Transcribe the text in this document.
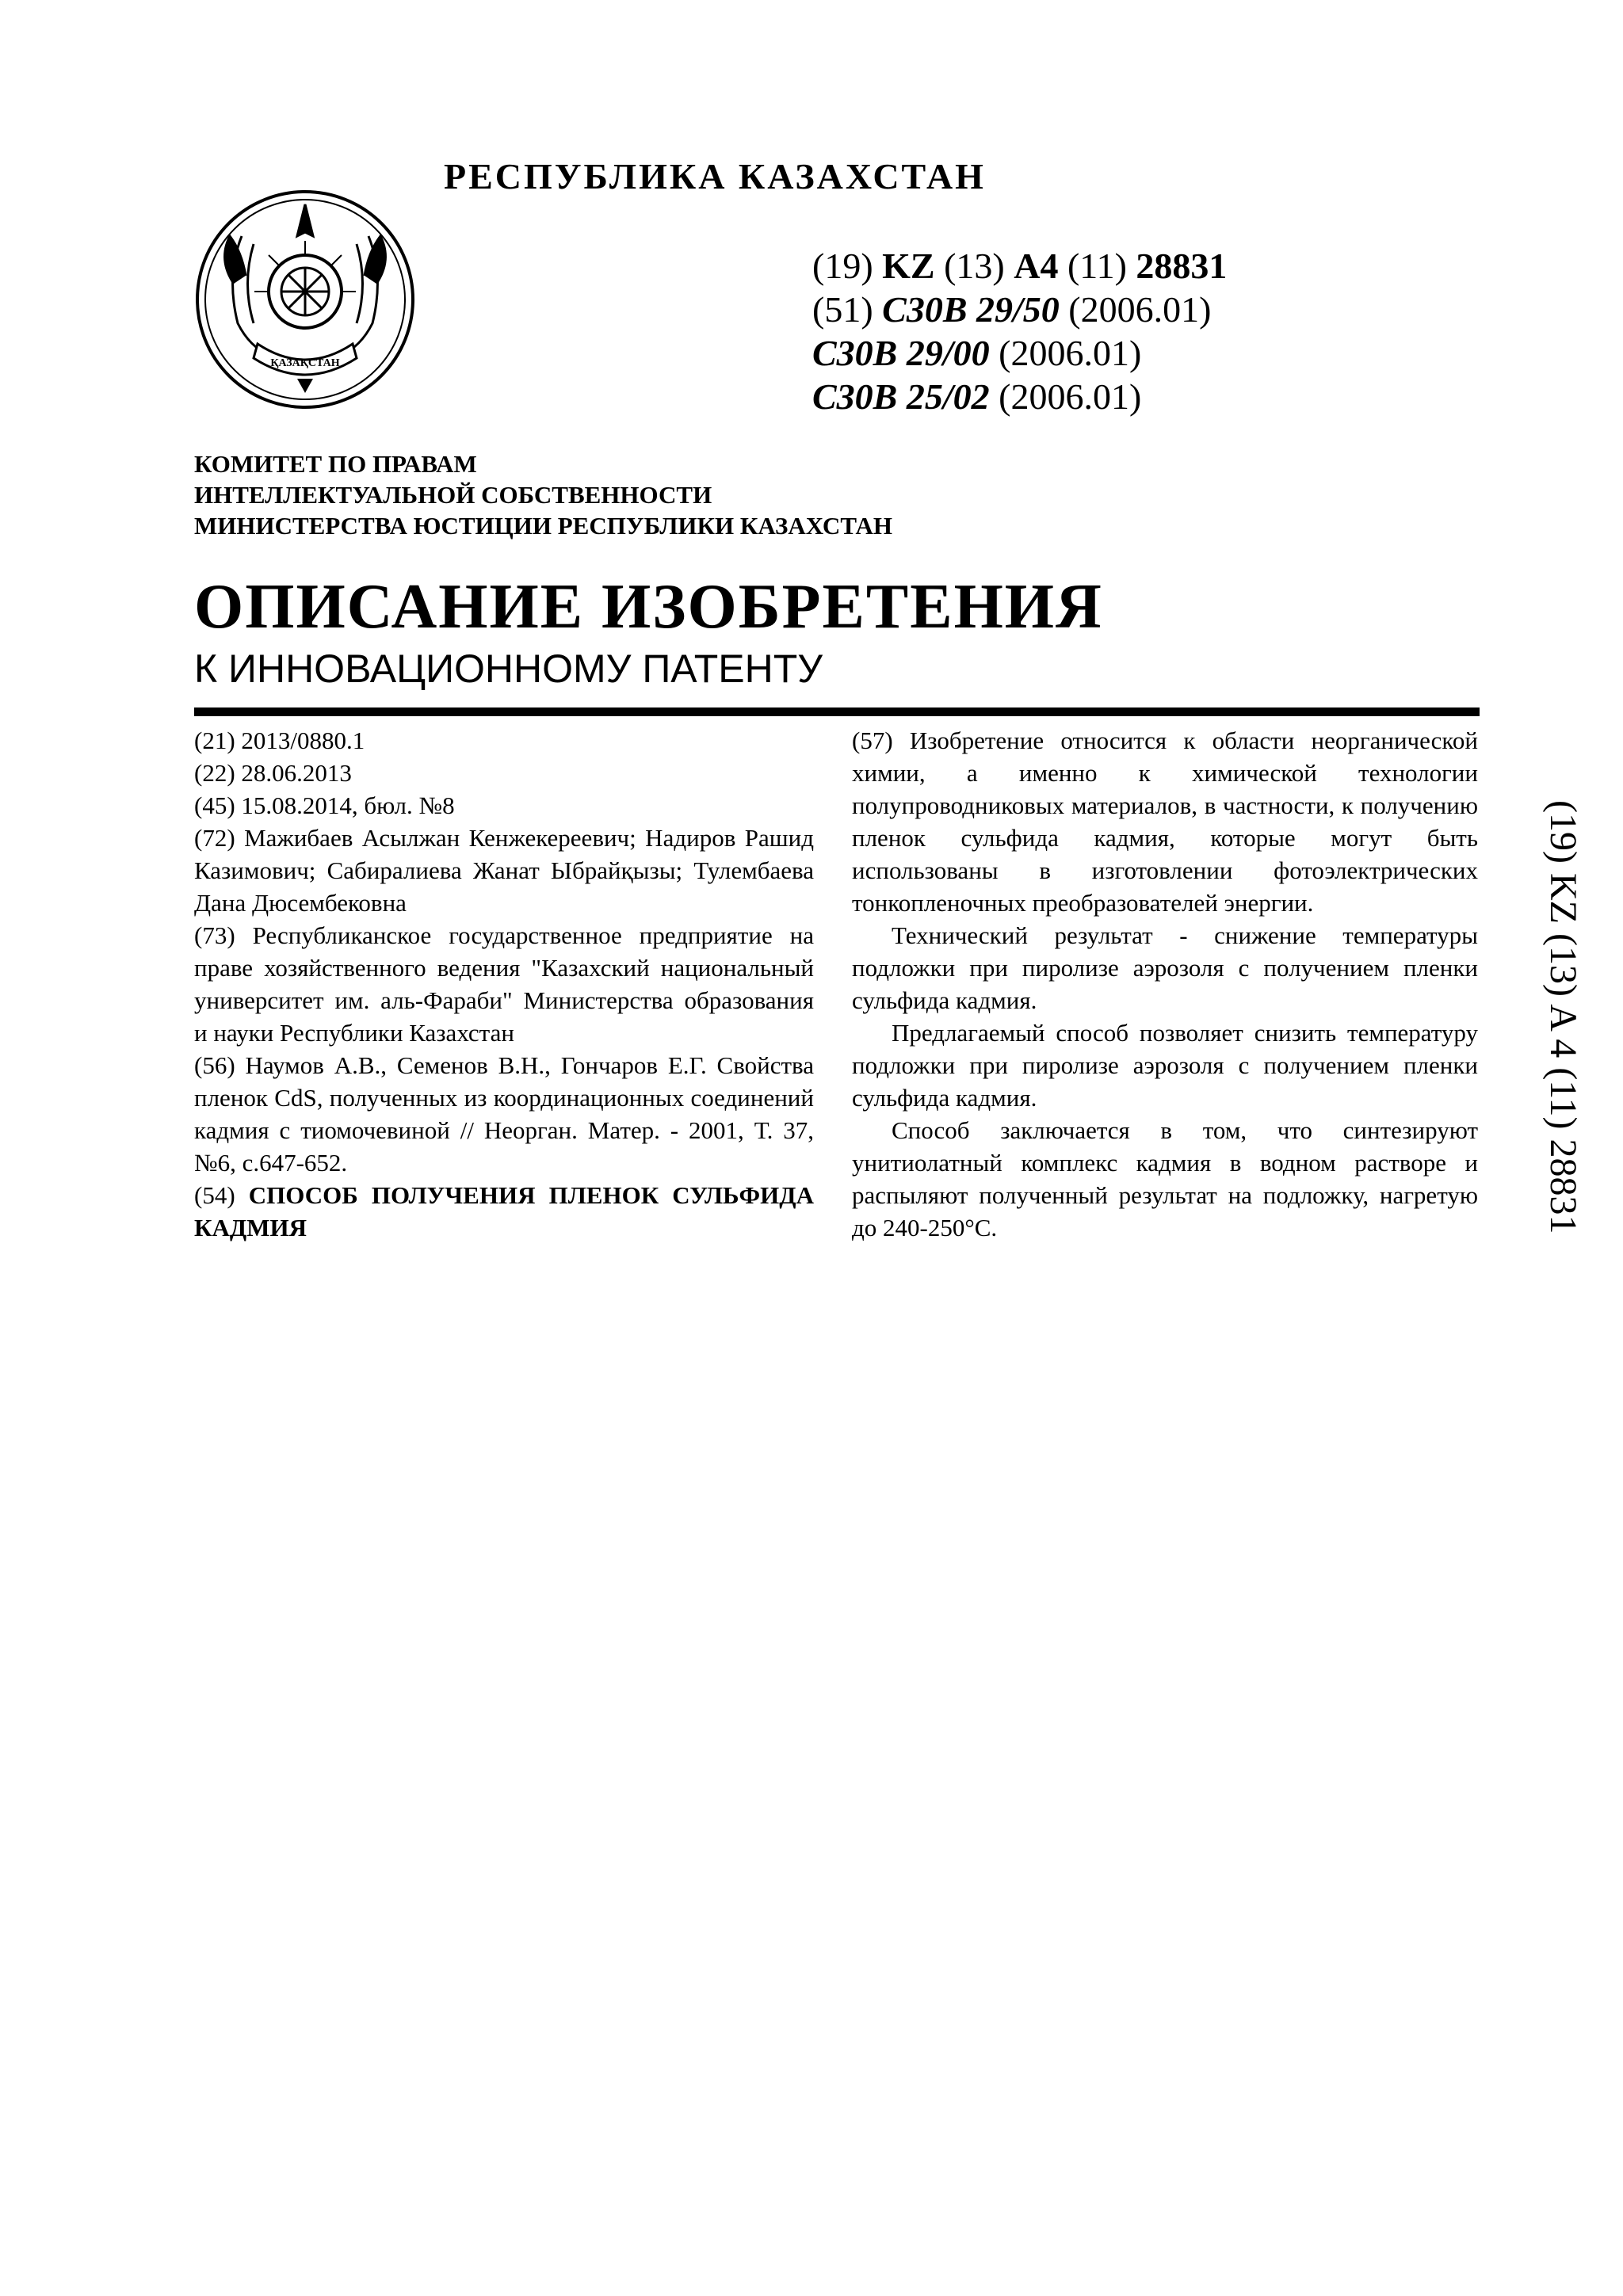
РЕСПУБЛИКА КАЗАХСТАН
ҚАЗАҚСТАН
(19) KZ (13) A4 (11) 28831
(51) C30B 29/50 (2006.01)
C30B 29/00 (2006.01)
C30B 25/02 (2006.01)
КОМИТЕТ ПО ПРАВАМ
ИНТЕЛЛЕКТУАЛЬНОЙ СОБСТВЕННОСТИ
МИНИСТЕРСТВА ЮСТИЦИИ РЕСПУБЛИКИ КАЗАХСТАН
ОПИСАНИЕ ИЗОБРЕТЕНИЯ
К ИННОВАЦИОННОМУ ПАТЕНТУ

(21) 2013/0880.1

(22) 28.06.2013

(45) 15.08.2014, бюл. №8

(72) Мажибаев Асылжан Кенжекереевич; Надиров Рашид Казимович; Сабиралиева Жанат Ыбрайқызы; Тулембаева Дана Дюсембековна

(73) Республиканское государственное предприятие на праве хозяйственного ведения "Казахский национальный университет им. аль-Фараби" Министерства образования и науки Республики Казахстан

(56) Наумов А.В., Семенов В.Н., Гончаров Е.Г. Свойства пленок CdS, полученных из координационных соединений кадмия с тиомочевиной // Неорган. Матер. - 2001, Т. 37, №6, с.647-652.

(54) СПОСОБ ПОЛУЧЕНИЯ ПЛЕНОК СУЛЬФИДА КАДМИЯ

(57) Изобретение относится к области неорганической химии, а именно к химической технологии полупроводниковых материалов, в частности, к получению пленок сульфида кадмия, которые могут быть использованы в изготовлении фотоэлектрических тонкопленочных преобразователей энергии.

Технический результат - снижение температуры подложки при пиролизе аэрозоля с получением пленки сульфида кадмия.

Предлагаемый способ позволяет снизить температуру подложки при пиролизе аэрозоля с получением пленки сульфида кадмия.

Способ заключается в том, что синтезируют унитиолатный комплекс кадмия в водном растворе и распыляют полученный результат на подложку, нагретую до 240-250°С.	(19) KZ (13) A 4 (11) 28831
